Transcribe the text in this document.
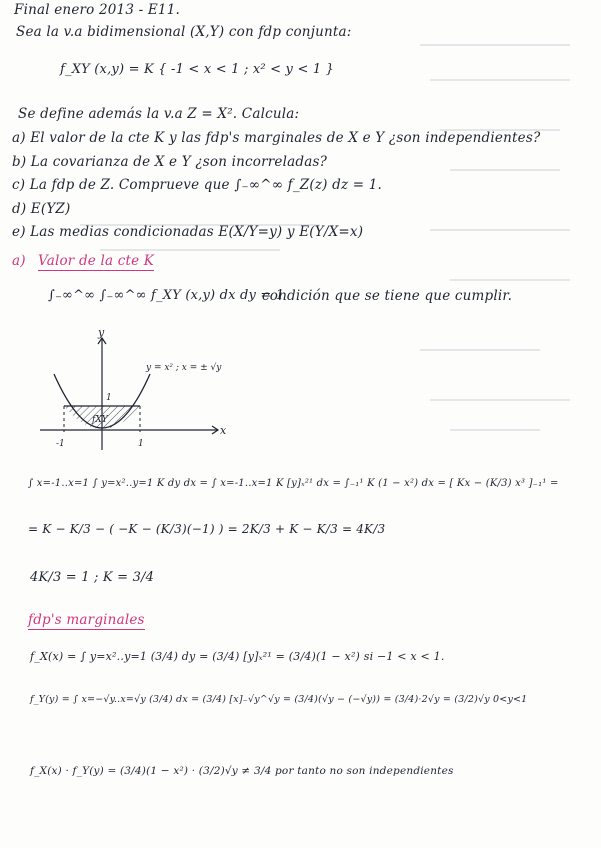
Final enero 2013 - E11.
Sea la v.a bidimensional (X,Y) con fdp conjunta:
f_XY (x,y) = K { -1 < x < 1 ; x² < y < 1 }
Se define además la v.a Z = X². Calcula:
a) El valor de la cte K y las fdp's marginales de X e Y ¿son independientes?
b) La covarianza de X e Y ¿son incorreladas?
c) La fdp de Z. Comprueve que ∫₋∞^∞ f_Z(z) dz = 1.
d) E(YZ)
e) Las medias condicionadas E(X/Y=y) y E(Y/X=x)
a) Valor de la cte K
∫₋∞^∞ ∫₋∞^∞ f_XY (x,y) dx dy = 1
condición que se tiene que cumplir.
y
x
y = x² ; x = ± √y
fXY
1
-1	1
∫ x=-1..x=1 ∫ y=x²..y=1 K dy dx = ∫ x=-1..x=1 K [y]ₓ²¹ dx = ∫₋₁¹ K (1 − x²) dx = [ Kx − (K/3) x³ ]₋₁¹ =
= K − K/3 − ( −K − (K/3)(−1) ) = 2K/3 + K − K/3 = 4K/3
4K/3 = 1 ; K = 3/4
fdp's marginales
f_X(x) = ∫ y=x²..y=1 (3/4) dy = (3/4) [y]ₓ²¹ = (3/4)(1 − x²) si −1 < x < 1.
f_Y(y) = ∫ x=−√y..x=√y (3/4) dx = (3/4) [x]₋√y^√y = (3/4)(√y − (−√y)) = (3/4)·2√y = (3/2)√y 0<y<1
f_X(x) · f_Y(y) = (3/4)(1 − x²) · (3/2)√y ≠ 3/4 por tanto no son independientes
